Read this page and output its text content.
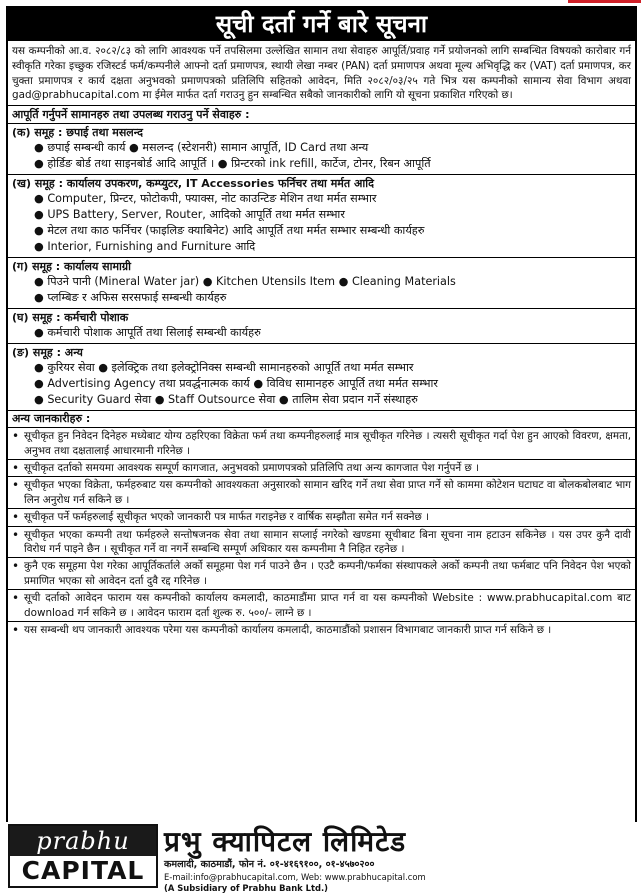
सूची दर्ता गर्ने बारे सूचना
यस कम्पनीको आ.व. २०८२/८३ को लागि आवश्यक पर्ने तपसिलमा उल्लेखित सामान तथा सेवाहरु आपूर्ति/प्रवाह गर्ने प्रयोजनको लागि सम्बन्धित विषयको कारोबार गर्न स्वीकृति गरेका इच्छुक रजिस्टर्ड फर्म/कम्पनीले आफ्नो दर्ता प्रमाणपत्र, स्थायी लेखा नम्बर (PAN) दर्ता प्रमाणपत्र अथवा मूल्य अभिवृद्धि कर (VAT) दर्ता प्रमाणपत्र, कर चुक्ता प्रमाणपत्र र कार्य दक्षता अनुभवको प्रमाणपत्रको प्रतिलिपि सहितको आवेदन, मिति २०८२/०३/२५ गते भित्र यस कम्पनीको सामान्य सेवा विभाग अथवा gad@prabhucapital.com मा ईमेल मार्फत दर्ता गराउनु हुन सम्बन्धित सबैको जानकारीको लागि यो सूचना प्रकाशित गरिएको छ।
आपूर्ति गर्नुपर्ने सामानहरु तथा उपलब्ध गराउनु पर्ने सेवाहरु :
(क) समूह : छपाई तथा मसलन्द
● छपाई सम्बन्धी कार्य ● मसलन्द (स्टेशनरी) सामान आपूर्ति, ID Card तथा अन्य
● होर्डिङ बोर्ड तथा साइनबोर्ड आदि आपूर्ति । ● प्रिन्टरको ink refill, कार्टेज, टोनर, रिबन आपूर्ति
(ख) समूह : कार्यालय उपकरण, कम्प्युटर, IT Accessories फर्निचर तथा मर्मत आदि
● Computer, प्रिन्टर, फोटोकपी, फ्याक्स, नोट काउन्टिङ मेशिन तथा मर्मत सम्भार
● UPS Battery, Server, Router, आदिको आपूर्ति तथा मर्मत सम्भार
● मेटल तथा काठ फर्निचर (फाइलिङ क्याबिनेट) आदि आपूर्ति तथा मर्मत सम्भार सम्बन्धी कार्यहरु
● Interior, Furnishing and Furniture आदि
(ग) समूह : कार्यालय सामाग्री
● पिउने पानी (Mineral Water jar) ● Kitchen Utensils Item ● Cleaning Materials
● प्लम्बिङ र अफिस सरसफाई सम्बन्धी कार्यहरु
(घ) समूह : कर्मचारी पोशाक
● कर्मचारी पोशाक आपूर्ति तथा सिलाई सम्बन्धी कार्यहरु
(ङ) समूह : अन्य
● कुरियर सेवा ● इलेक्ट्रिक तथा इलेक्ट्रोनिक्स सम्बन्धी सामानहरुको आपूर्ति तथा मर्मत सम्भार
● Advertising Agency तथा प्रवर्द्धनात्मक कार्य ● विविध सामानहरु आपूर्ति तथा मर्मत सम्भार
● Security Guard सेवा ● Staff Outsource सेवा ● तालिम सेवा प्रदान गर्ने संस्थाहरु
अन्य जानकारीहरु :
• सूचीकृत हुन निवेदन दिनेहरु मध्येबाट योग्य ठहरिएका विक्रेता फर्म तथा कम्पनीहरुलाई मात्र सूचीकृत गरिनेछ । त्यसरी सूचीकृत गर्दा पेश हुन आएको विवरण, क्षमता, अनुभव तथा दक्षतालाई आधारमानी गरिनेछ ।
• सूचीकृत दर्ताको समयमा आवश्यक सम्पूर्ण कागजात, अनुभवको प्रमाणपत्रको प्रतिलिपि तथा अन्य कागजात पेश गर्नुपर्ने छ ।
• सूचीकृत भएका विक्रेता, फर्महरुबाट यस कम्पनीको आवश्यकता अनुसारको सामान खरिद गर्ने तथा सेवा प्राप्त गर्ने सो काममा कोटेशन घटाघट वा बोलकबोलबाट भाग लिन अनुरोध गर्न सकिने छ ।
• सूचीकृत पर्ने फर्महरुलाई सूचीकृत भएको जानकारी पत्र मार्फत गराइनेछ र वार्षिक सम्झौता समेत गर्न सक्नेछ ।
• सूचीकृत भएका कम्पनी तथा फर्महरुले सन्तोषजनक सेवा तथा सामान सप्लाई नगरेको खण्डमा सूचीबाट बिना सूचना नाम हटाउन सकिनेछ । यस उपर कुनै दावी विरोध गर्न पाइने छैन । सूचीकृत गर्ने वा नगर्ने सम्बन्धि सम्पूर्ण अधिकार यस कम्पनीमा नै निहित रहनेछ ।
• कुनै एक समूहमा पेश गरेका आपूर्तिकर्ताले अर्को समूहमा पेश गर्न पाउने छैन । एउटै कम्पनी/फर्मका संस्थापकले अर्को कम्पनी तथा फर्मबाट पनि निवेदन पेश भएको प्रमाणित भएका सो आवेदन दर्ता दुवै रद्द गरिनेछ ।
• सूची दर्ताको आवेदन फाराम यस कम्पनीको कार्यालय कमलादी, काठमाडौंमा प्राप्त गर्न वा यस कम्पनीको Website : www.prabhucapital.com बाट download गर्न सकिने छ । आवेदन फाराम दर्ता शुल्क रु. ५००/- लाग्ने छ ।
• यस सम्बन्धी थप जानकारी आवश्यक परेमा यस कम्पनीको कार्यालय कमलादी, काठमाडौंको प्रशासन विभागबाट जानकारी प्राप्त गर्न सकिने छ ।
prabhu
CAPITAL
प्रभु क्यापिटल लिमिटेड
कमलादी, काठमाडौं, फोन नं. ०१-४१६९१००, ०१-४५७०२००
E-mail:info@prabhucapital.com, Web: www.prabhucapital.com
(A Subsidiary of Prabhu Bank Ltd.)
